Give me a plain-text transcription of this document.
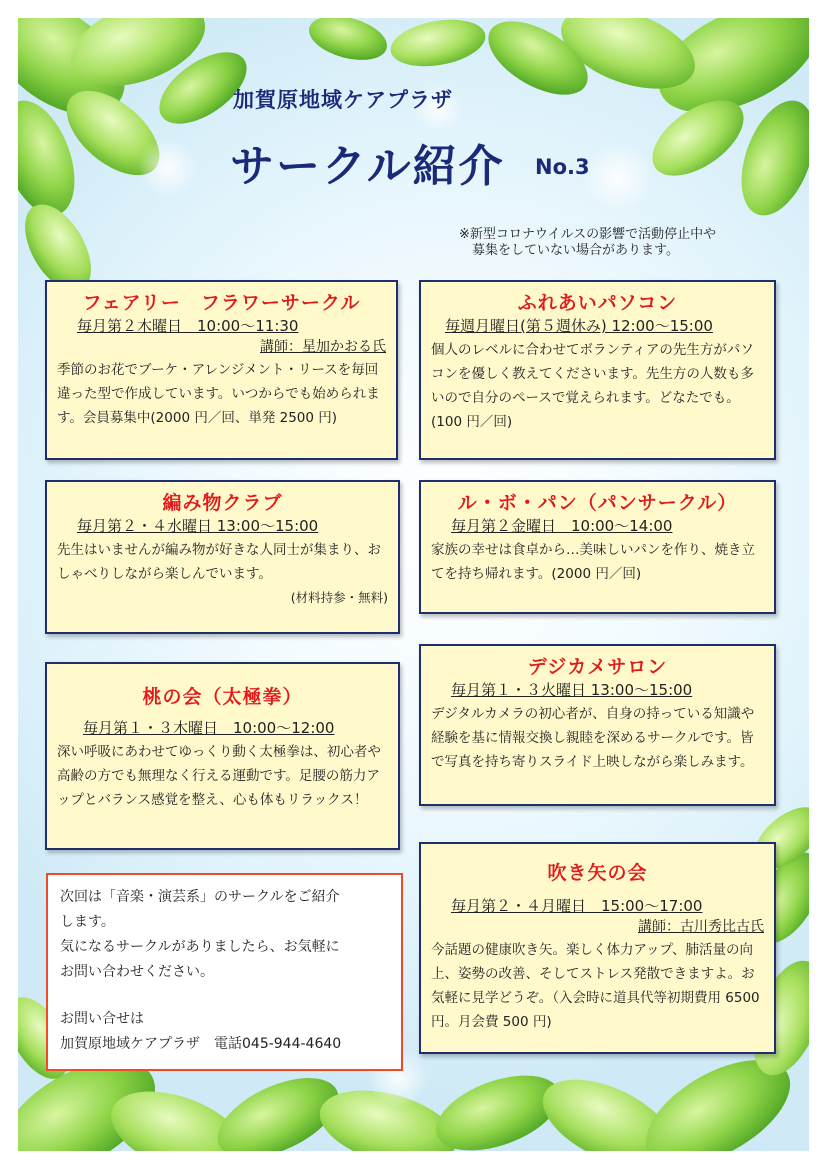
加賀原地域ケアプラザ
サークル紹介 No.3
※新型コロナウイルスの影響で活動停止中や
募集をしていない場合があります。
フェアリー　フラワーサークル
毎月第２木曜日　10:00～11:30
講師：星加かおる氏
季節のお花でブーケ・アレンジメント・リースを毎回違った型で作成しています。いつからでも始められます。会員募集中(2000 円／回、単発 2500 円)
ふれあいパソコン
毎週月曜日(第５週休み) 12:00～15:00
個人のレベルに合わせてボランティアの先生方がパソコンを優しく教えてくださいます。先生方の人数も多いので自分のペースで覚えられます。どなたでも。(100 円／回)
編み物クラブ
毎月第２・４水曜日 13:00～15:00
先生はいませんが編み物が好きな人同士が集まり、おしゃべりしながら楽しんでいます。
(材料持参・無料)
ル・ボ・パン（パンサークル）
毎月第２金曜日　10:00～14:00
家族の幸せは食卓から…美味しいパンを作り、焼き立てを持ち帰れます。(2000 円／回)
桃の会（太極拳）
毎月第１・３木曜日　10:00～12:00
深い呼吸にあわせてゆっくり動く太極拳は、初心者や高齢の方でも無理なく行える運動です。足腰の筋力アップとバランス感覚を整え、心も体もリラックス！
デジカメサロン
毎月第１・３火曜日 13:00～15:00
デジタルカメラの初心者が、自身の持っている知識や経験を基に情報交換し親睦を深めるサークルです。皆で写真を持ち寄りスライド上映しながら楽しみます。
吹き矢の会
毎月第２・４月曜日　15:00～17:00
講師：古川秀比古氏
今話題の健康吹き矢。楽しく体力アップ、肺活量の向上、姿勢の改善、そしてストレス発散できますよ。お気軽に見学どうぞ。（入会時に道具代等初期費用 6500 円。月会費 500 円)
次回は「音楽・演芸系」のサークルをご紹介
します。
気になるサークルがありましたら、お気軽に
お問い合わせください。
お問い合せは
加賀原地域ケアプラザ　電話045-944-4640
